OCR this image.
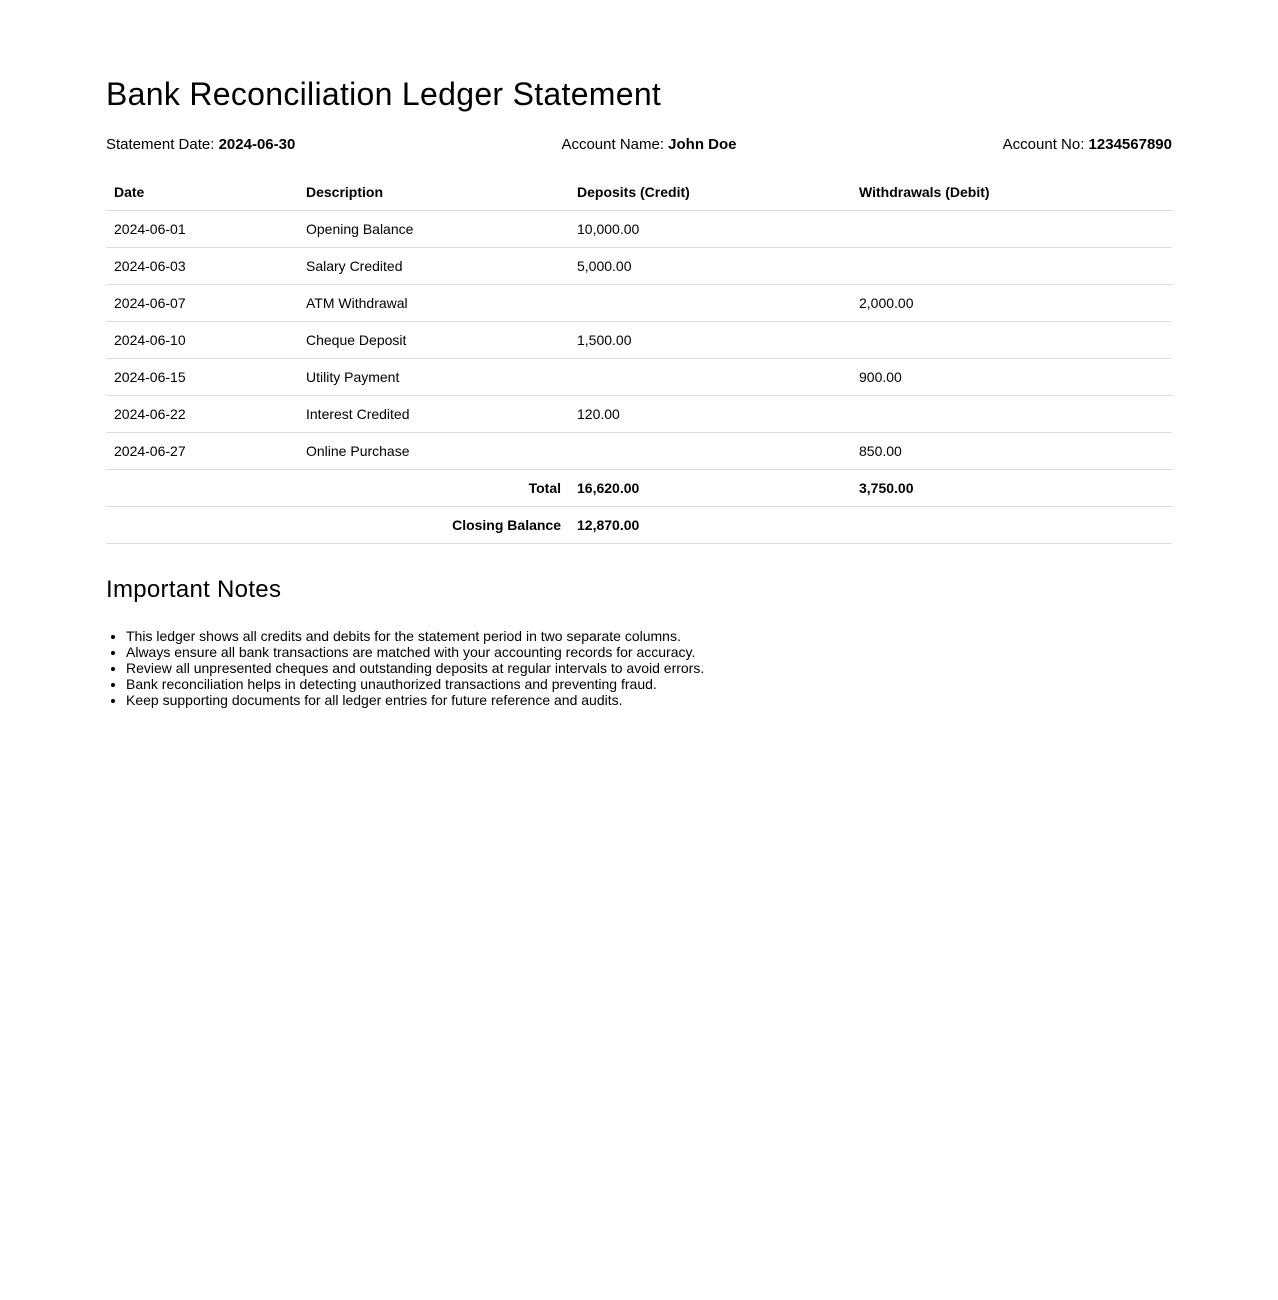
Bank Reconciliation Ledger Statement
Statement Date: 2024-06-30	Account Name: John Doe	Account No: 1234567890
Date	Description	Deposits (Credit)	Withdrawals (Debit)
2024-06-01	Opening Balance	10,000.00	
2024-06-03	Salary Credited	5,000.00	
2024-06-07	ATM Withdrawal		2,000.00
2024-06-10	Cheque Deposit	1,500.00	
2024-06-15	Utility Payment		900.00
2024-06-22	Interest Credited	120.00	
2024-06-27	Online Purchase		850.00
Total		16,620.00	3,750.00
Closing Balance		12,870.00	
Important Notes
• This ledger shows all credits and debits for the statement period in two separate columns.
• Always ensure all bank transactions are matched with your accounting records for accuracy.
• Review all unpresented cheques and outstanding deposits at regular intervals to avoid errors.
• Bank reconciliation helps in detecting unauthorized transactions and preventing fraud.
• Keep supporting documents for all ledger entries for future reference and audits.
